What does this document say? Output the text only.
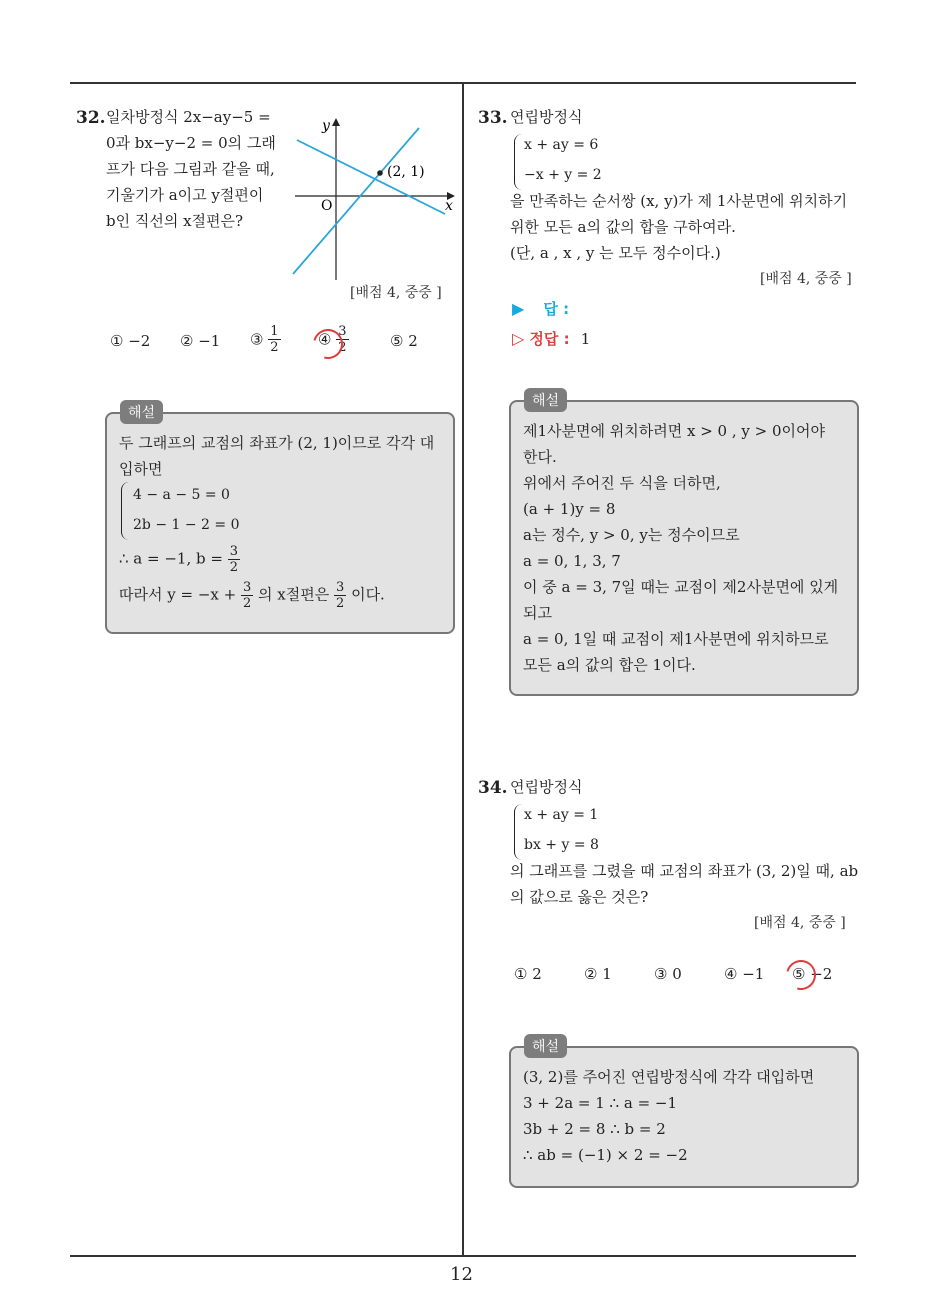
12
32. 일차방정식 2x−ay−5 =
0과 bx−y−2 = 0의 그래
프가 다음 그림과 같을 때,
기울기가 a이고 y절편이
b인 직선의 x절편은?
y
x
O
(2, 1)
[배점 4, 중중 ]
① −2 ② −1 ③ $\frac{1}{2}$ ④ $\frac{3}{2}$	⑤ 2
두 그래프의 교점의 좌표가 (2, 1)이므로 각각 대
입하면
4 − a − 5 = 0
2b − 1 − 2 = 0
∴ a = −1, $b = \frac{3}{2}$
따라서 $y = -x + \frac{3}{2}$ 의 x절편은 $\frac{3}{2}$ 이다.
해설
33. 연립방정식
x + ay = 6
−x + y = 2
을 만족하는 순서쌍 (x, y)가 제 1사분면에 위치하기
위한 모든 a의 값의 합을 구하여라.
(단, a , x , y 는 모두 정수이다.)
[배점 4, 중중 ]
▶ 답 :
▷ 정답 : 1
제1사분면에 위치하려면 x > 0 , y > 0이어야
한다.
위에서 주어진 두 식을 더하면,
(a + 1)y = 8
a는 정수, y > 0, y는 정수이므로
a = 0, 1, 3, 7
이 중 a = 3, 7일 때는 교점이 제2사분면에 있게
되고
a = 0, 1일 때 교점이 제1사분면에 위치하므로
모든 a의 값의 합은 1이다.
해설
34. 연립방정식
x + ay = 1
bx + y = 8
의 그래프를 그렸을 때 교점의 좌표가 (3, 2)일 때, ab
의 값으로 옳은 것은?
[배점 4, 중중 ]
① 2	② 1	③ 0	④ −1 ⑤ −2
(3, 2)를 주어진 연립방정식에 각각 대입하면
3 + 2a = 1 ∴ a = −1
3b + 2 = 8 ∴ b = 2
∴ ab = (−1) × 2 = −2
해설
